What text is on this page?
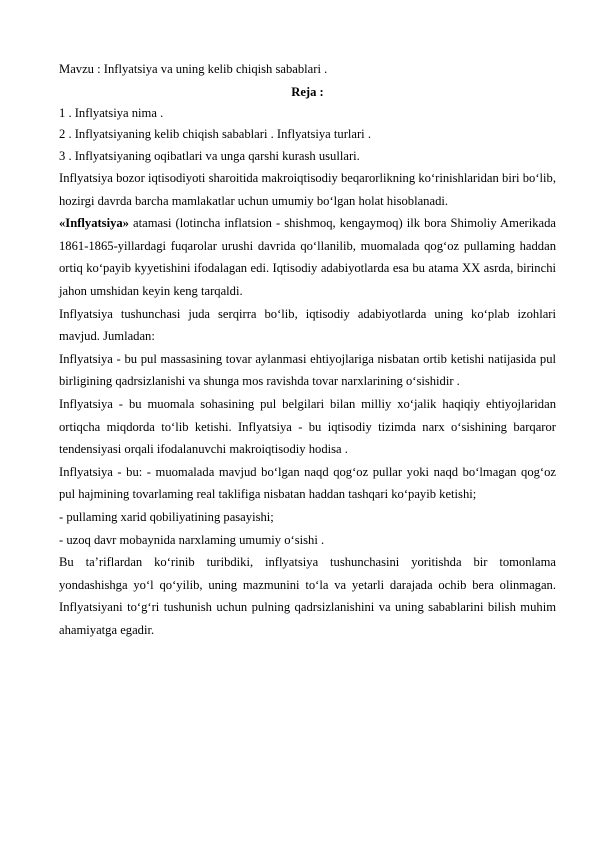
Mavzu : Inflyatsiya va uning kelib chiqish sabablari .

Reja :

1 . Inflyatsiya nima .

2 . Inflyatsiyaning kelib chiqish sabablari . Inflyatsiya turlari .

3 . Inflyatsiyaning oqibatlari va unga qarshi kurash usullari.

Inflyatsiya bozor iqtisodiyoti sharoitida makroiqtisodiy beqarorlikning ko‘rinishlaridan biri bo‘lib, hozirgi davrda barcha mamlakatlar uchun umumiy bo‘lgan holat hisoblanadi.

«Inflyatsiya» atamasi (lotincha inflatsion - shishmoq, kengaymoq) ilk bora Shimoliy Amerikada 1861-1865-yillardagi fuqarolar urushi davrida qo‘llanilib, muomalada qog‘oz pullaming haddan ortiq ko‘payib kyyetishini ifodalagan edi. Iqtisodiy adabiyotlarda esa bu atama XX asrda, birinchi jahon umshidan keyin keng tarqaldi.

Inflyatsiya tushunchasi juda serqirra bo‘lib, iqtisodiy adabiyotlarda uning ko‘plab izohlari mavjud. Jumladan:

Inflyatsiya - bu pul massasining tovar aylanmasi ehtiyojlariga nisbatan ortib ketishi natijasida pul birligining qadrsizlanishi va shunga mos ravishda tovar narxlarining o‘sishidir .

Inflyatsiya - bu muomala sohasining pul belgilari bilan milliy xo‘jalik haqiqiy ehtiyojlaridan ortiqcha miqdorda to‘lib ketishi. Inflyatsiya - bu iqtisodiy tizimda narx o‘sishining barqaror tendensiyasi orqali ifodalanuvchi makroiqtisodiy hodisa .

Inflyatsiya - bu: - muomalada mavjud bo‘lgan naqd qog‘oz pullar yoki naqd bo‘lmagan qog‘oz pul hajmining tovarlaming real taklifiga nisbatan haddan tashqari ko‘payib ketishi;

- pullaming xarid qobiliyatining pasayishi;

- uzoq davr mobaynida narxlaming umumiy o‘sishi .

Bu ta’riflardan ko‘rinib turibdiki, inflyatsiya tushunchasini yoritishda bir tomonlama yondashishga yo‘l qo‘yilib, uning mazmunini to‘la va yetarli darajada ochib bera olinmagan. Inflyatsiyani to‘g‘ri tushunish uchun pulning qadrsizlanishini va uning sabablarini bilish muhim ahamiyatga egadir.
